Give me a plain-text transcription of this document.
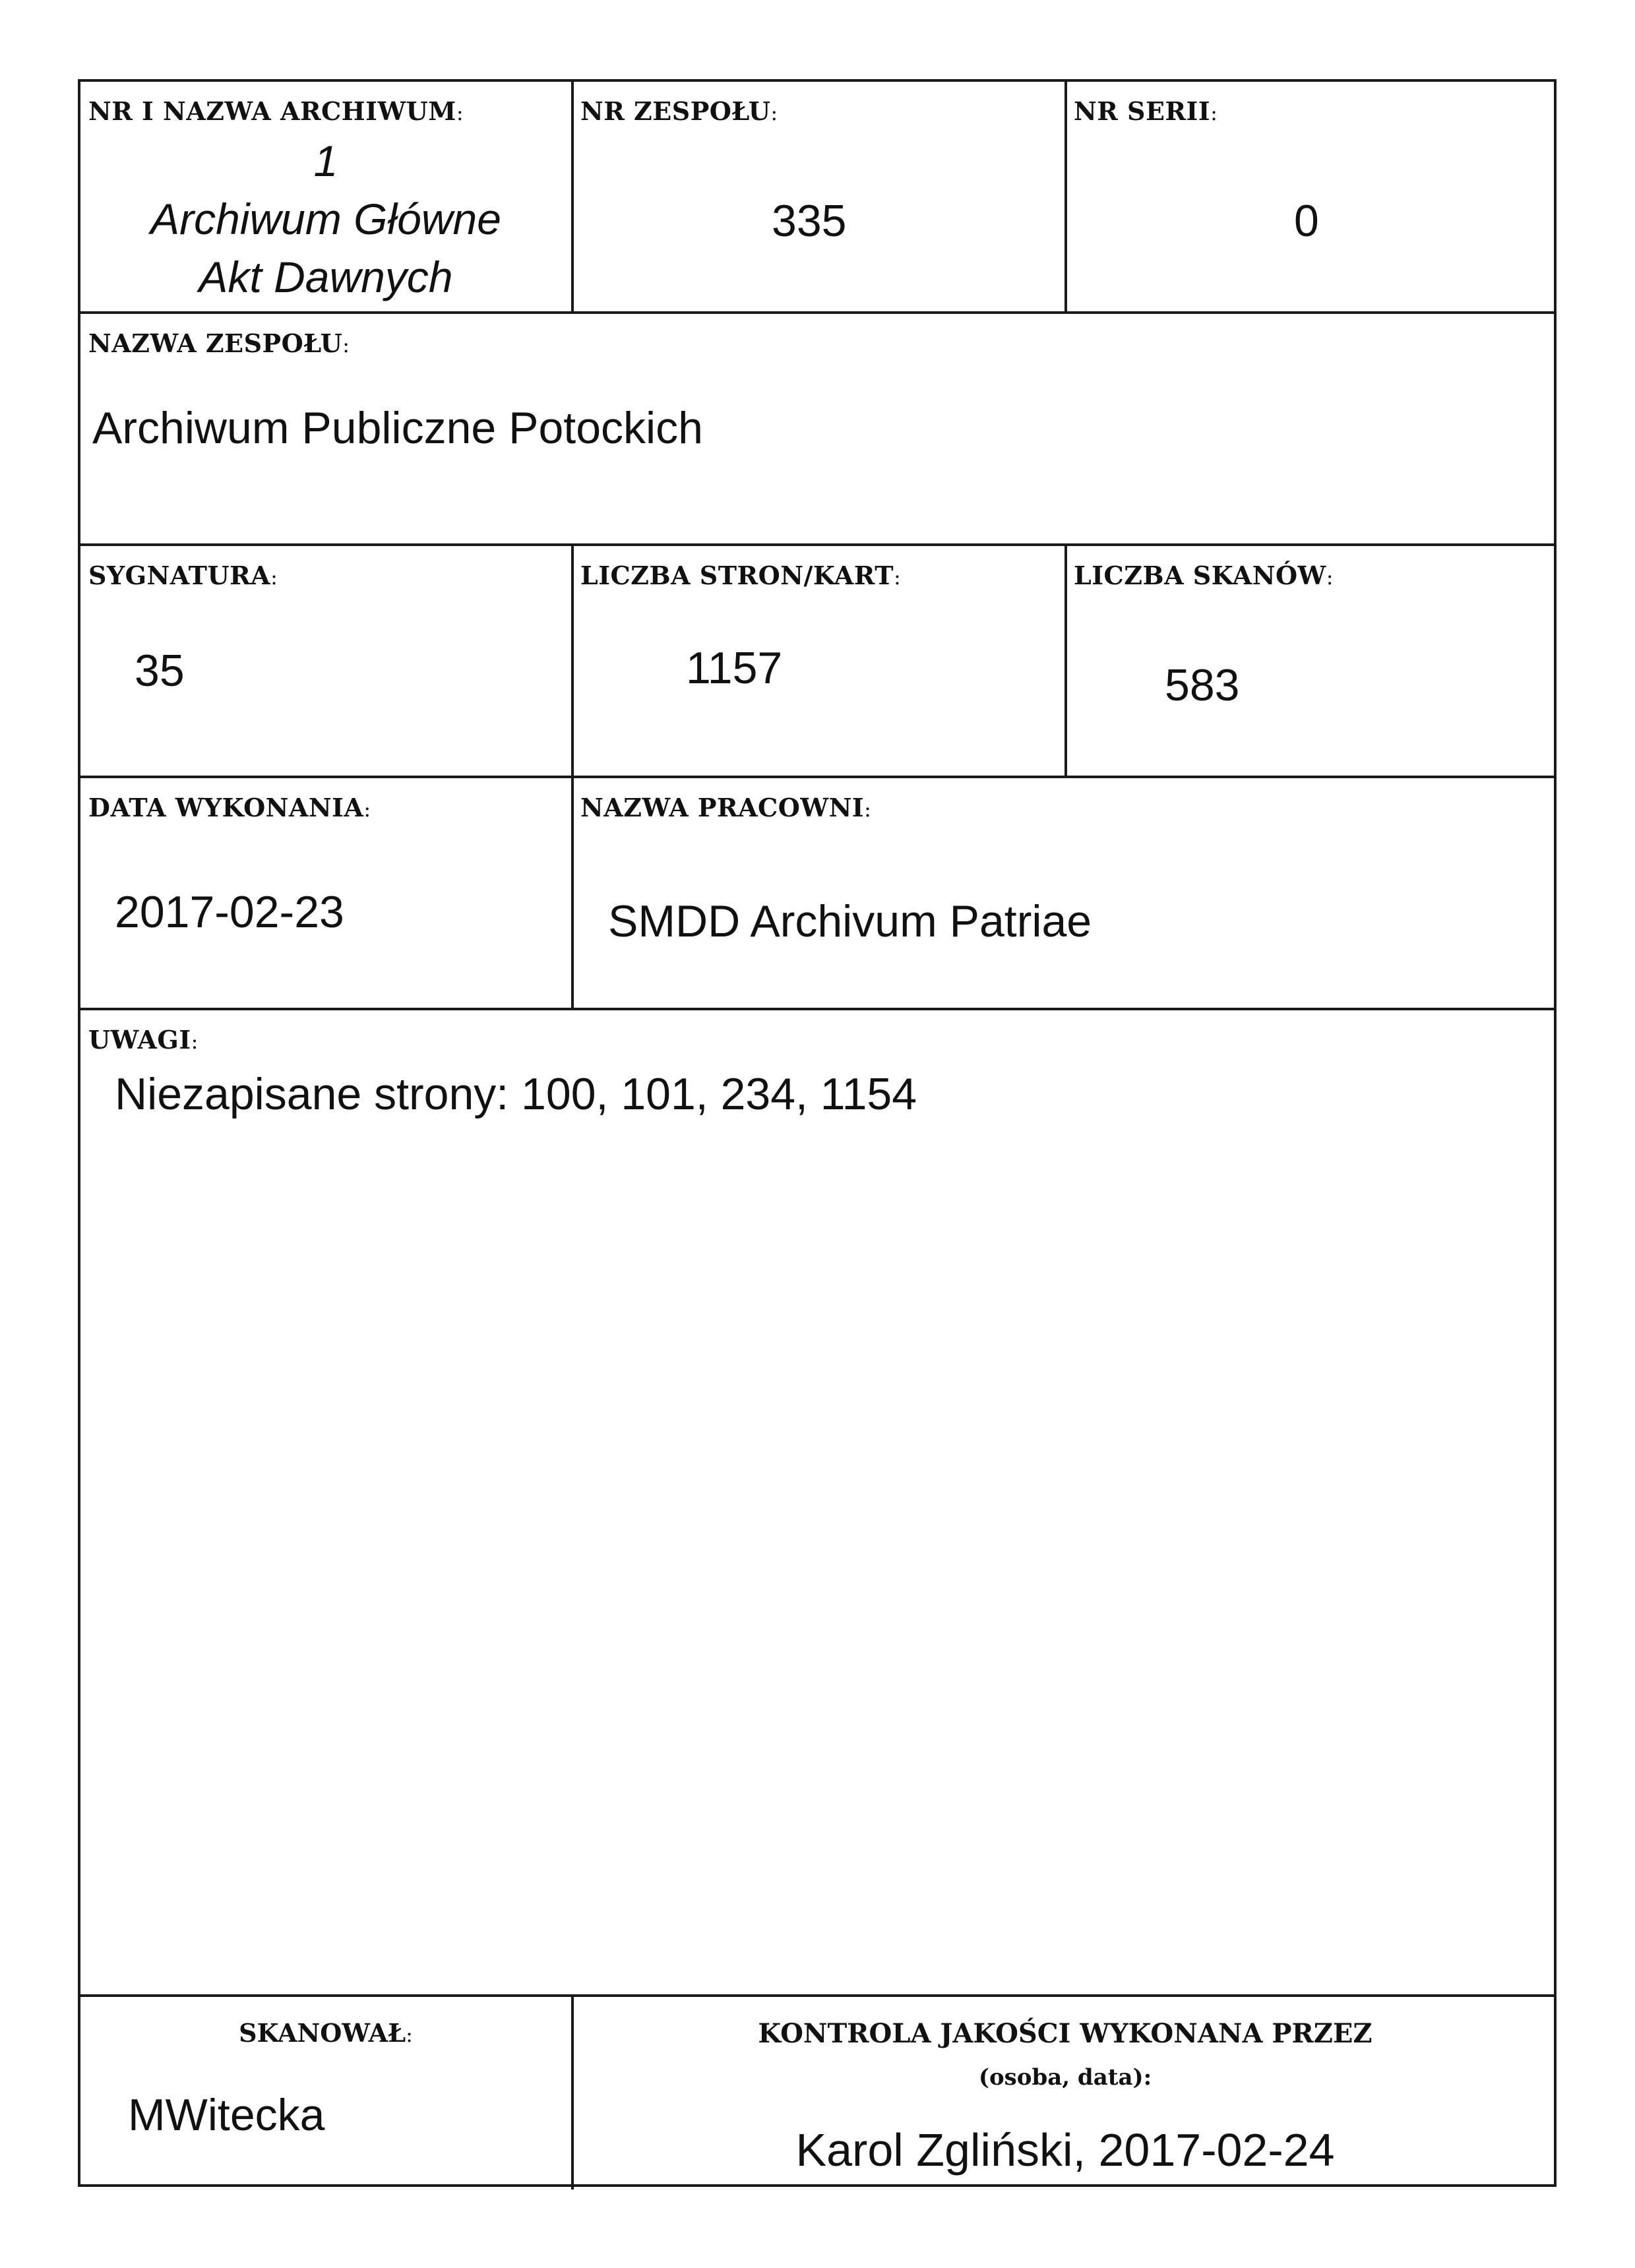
NR I NAZWA ARCHIWUM:
1
Archiwum Główne
Akt Dawnych
NR ZESPOŁU:
335
NR SERII:
0
NAZWA ZESPOŁU:
Archiwum Publiczne Potockich
SYGNATURA:
35
LICZBA STRON/KART:
1157
LICZBA SKANÓW:
583
DATA WYKONANIA:
2017-02-23
NAZWA PRACOWNI:
SMDD Archivum Patriae
UWAGI:
Niezapisane strony: 100, 101, 234, 1154
SKANOWAŁ:
MWitecka
KONTROLA JAKOŚCI WYKONANA PRZEZ
(osoba, data):
Karol Zgliński, 2017-02-24
